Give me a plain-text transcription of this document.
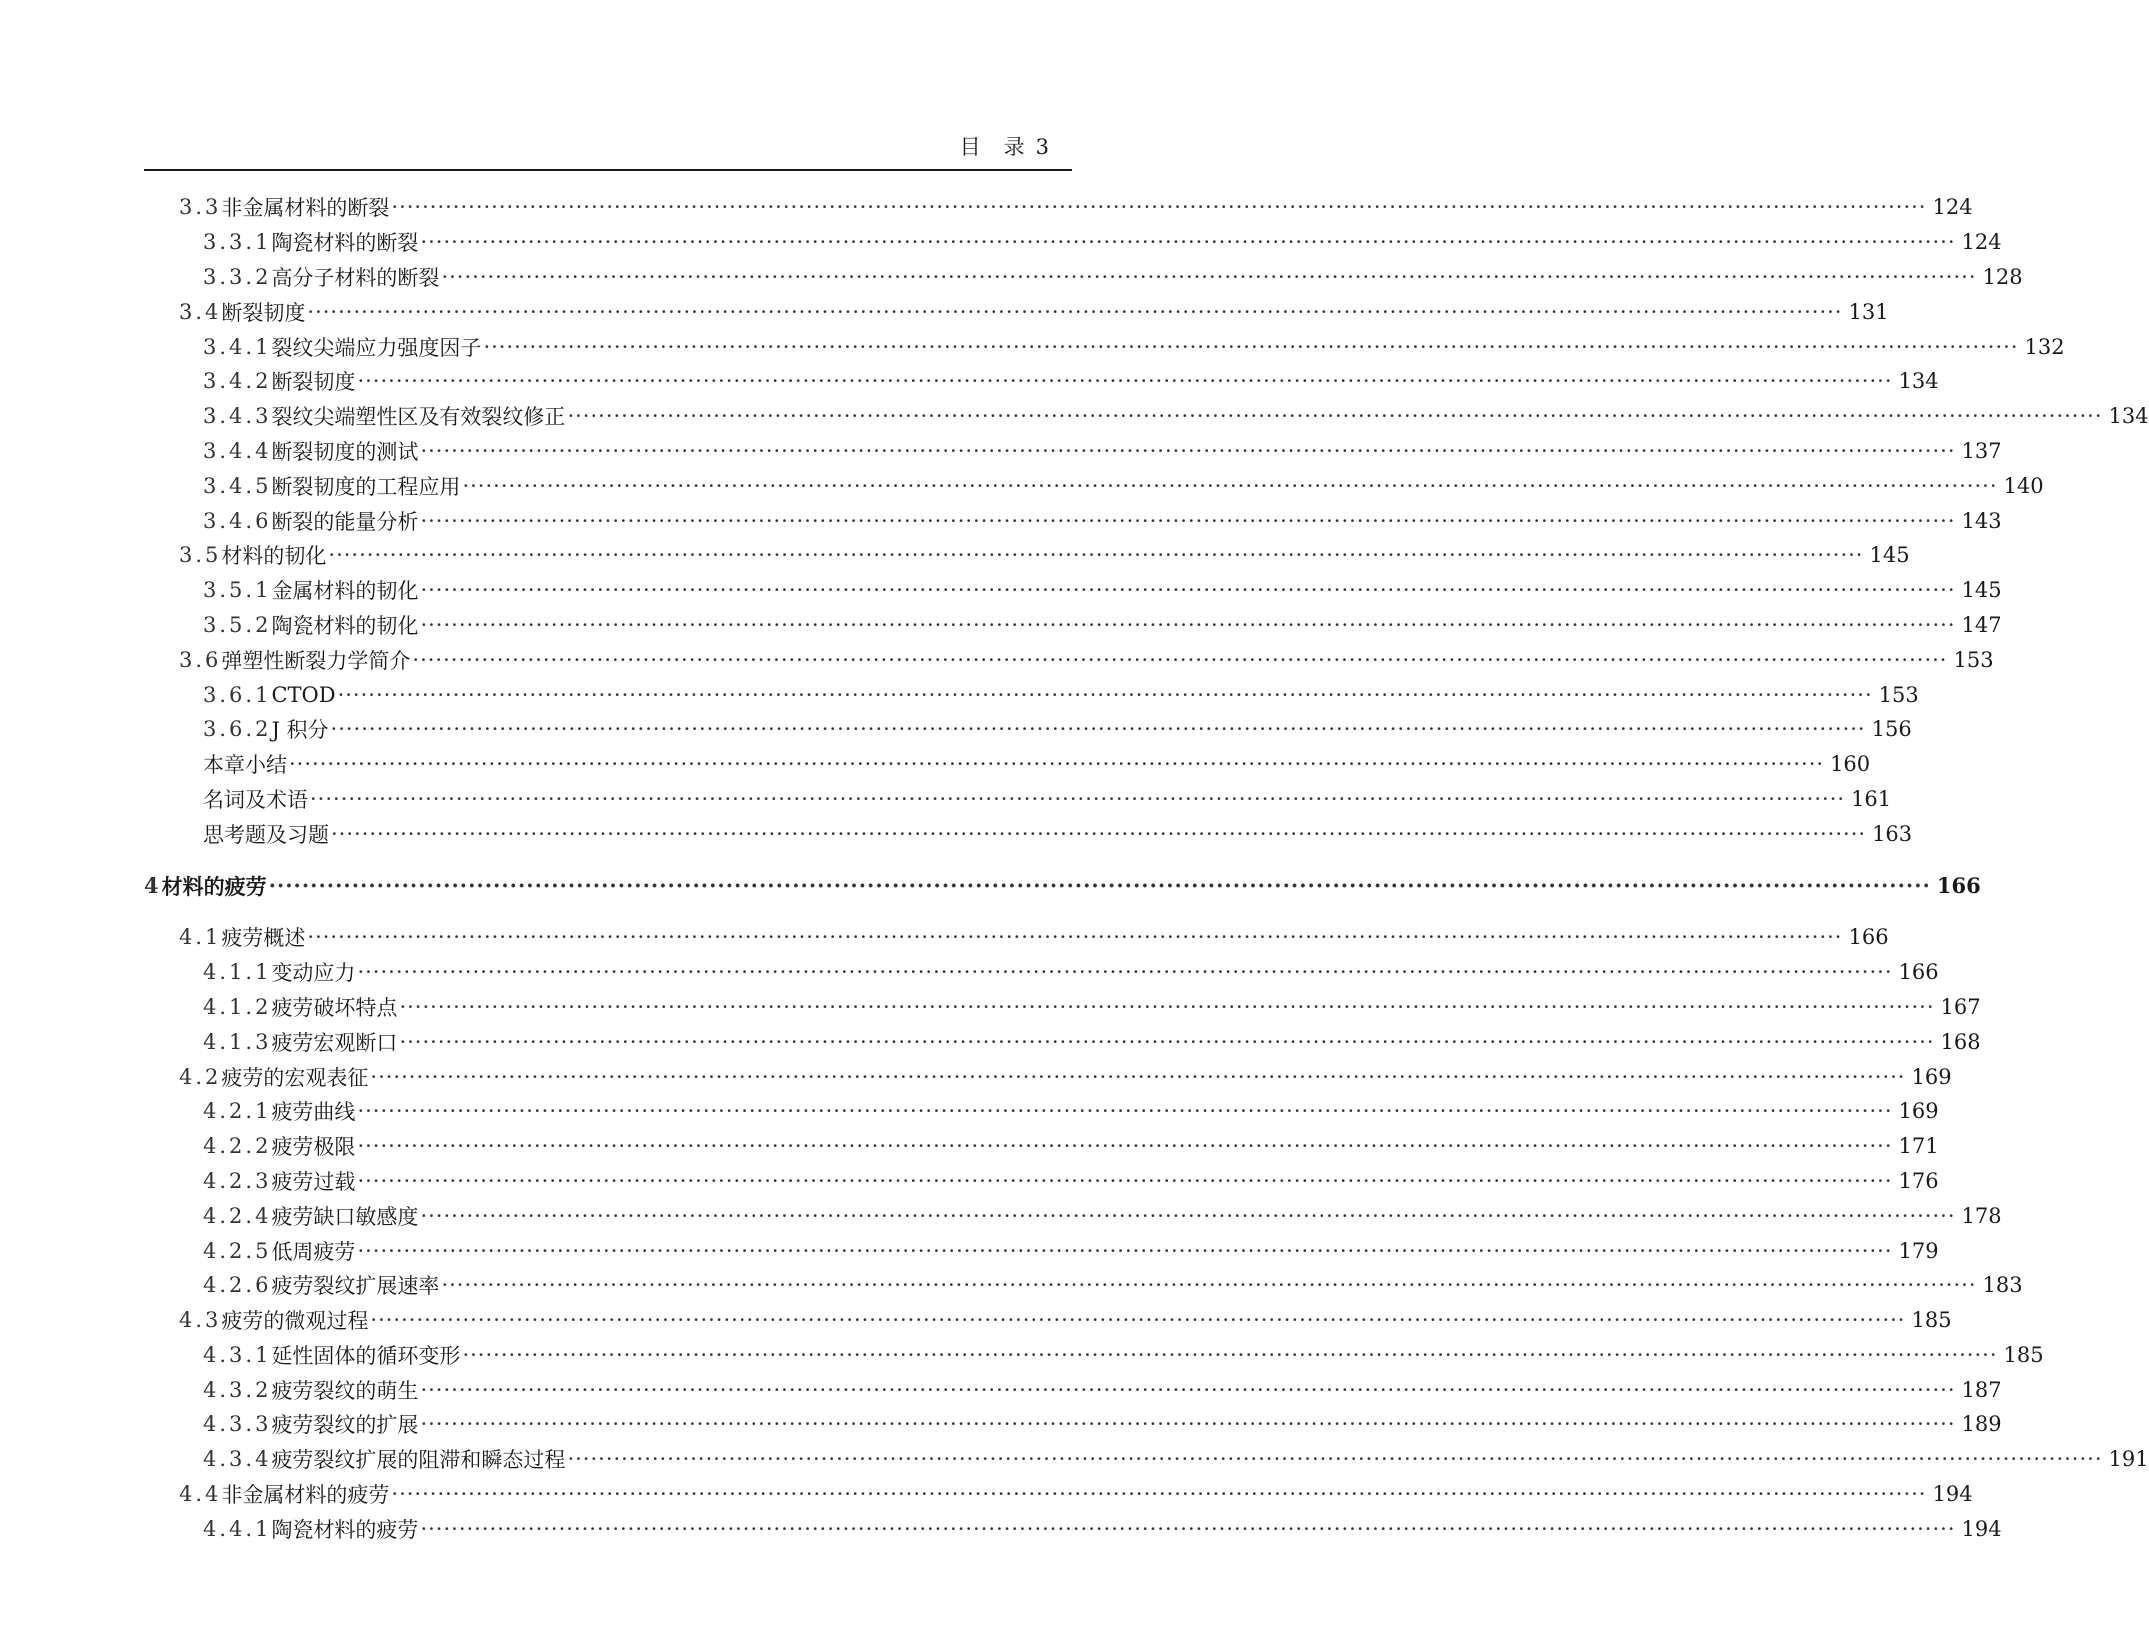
目　录 3
3.3 非金属材料的断裂 ········································································································································································································ 124
3.3.1 陶瓷材料的断裂 ········································································································································································································ 124
3.3.2 高分子材料的断裂 ········································································································································································································ 128
3.4 断裂韧度 ········································································································································································································ 131
3.4.1 裂纹尖端应力强度因子 ········································································································································································································ 132
3.4.2 断裂韧度 ········································································································································································································ 134
3.4.3 裂纹尖端塑性区及有效裂纹修正 ········································································································································································································ 134
3.4.4 断裂韧度的测试 ········································································································································································································ 137
3.4.5 断裂韧度的工程应用 ········································································································································································································ 140
3.4.6 断裂的能量分析 ········································································································································································································ 143
3.5 材料的韧化 ········································································································································································································ 145
3.5.1 金属材料的韧化 ········································································································································································································ 145
3.5.2 陶瓷材料的韧化 ········································································································································································································ 147
3.6 弹塑性断裂力学简介 ········································································································································································································ 153
3.6.1 CTOD ········································································································································································································ 153
3.6.2 J 积分 ········································································································································································································ 156
本章小结 ········································································································································································································ 160
名词及术语 ········································································································································································································ 161
思考题及习题 ········································································································································································································ 163
4 材料的疲劳 ········································································································································································································ 166
4.1 疲劳概述 ········································································································································································································ 166
4.1.1 变动应力 ········································································································································································································ 166
4.1.2 疲劳破坏特点 ········································································································································································································ 167
4.1.3 疲劳宏观断口 ········································································································································································································ 168
4.2 疲劳的宏观表征 ········································································································································································································ 169
4.2.1 疲劳曲线 ········································································································································································································ 169
4.2.2 疲劳极限 ········································································································································································································ 171
4.2.3 疲劳过载 ········································································································································································································ 176
4.2.4 疲劳缺口敏感度 ········································································································································································································ 178
4.2.5 低周疲劳 ········································································································································································································ 179
4.2.6 疲劳裂纹扩展速率 ········································································································································································································ 183
4.3 疲劳的微观过程 ········································································································································································································ 185
4.3.1 延性固体的循环变形 ········································································································································································································ 185
4.3.2 疲劳裂纹的萌生 ········································································································································································································ 187
4.3.3 疲劳裂纹的扩展 ········································································································································································································ 189
4.3.4 疲劳裂纹扩展的阻滞和瞬态过程 ········································································································································································································ 191
4.4 非金属材料的疲劳 ········································································································································································································ 194
4.4.1 陶瓷材料的疲劳 ········································································································································································································ 194
